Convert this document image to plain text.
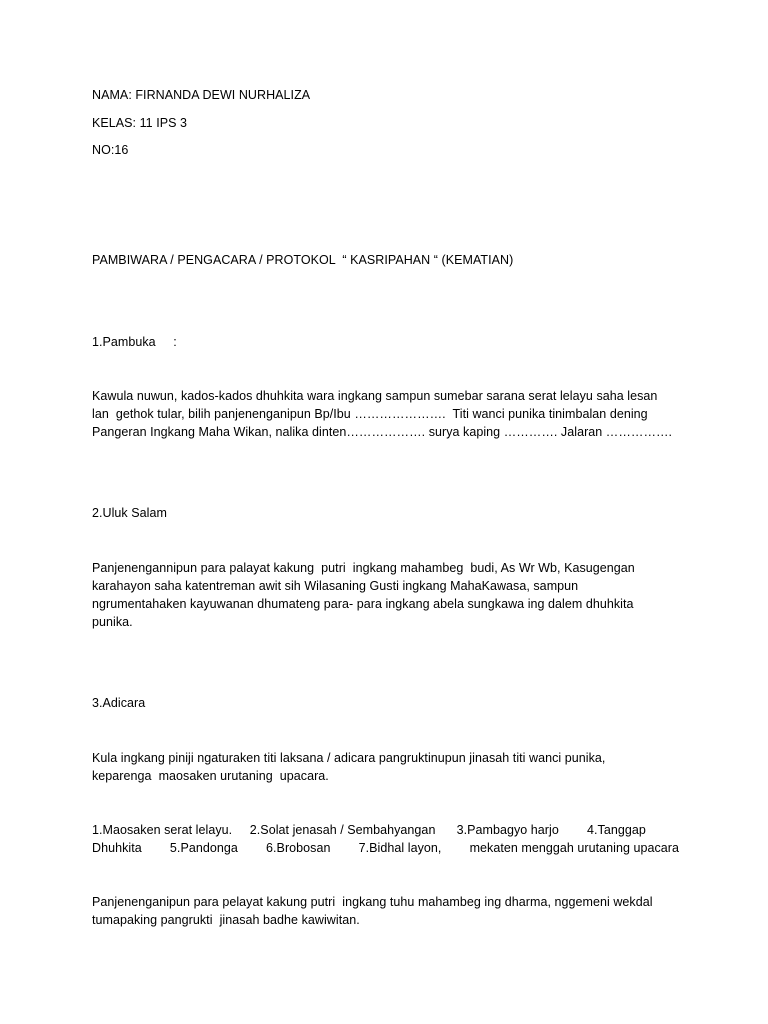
NAMA: FIRNANDA DEWI NURHALIZA
KELAS: 11 IPS 3
NO:16
PAMBIWARA / PENGACARA / PROTOKOL  “ KASRIPAHAN “ (KEMATIAN)
1.Pambuka     :
Kawula nuwun, kados-kados dhuhkita wara ingkang sampun sumebar sarana serat lelayu saha lesan
lan  gethok tular, bilih panjenenganipun Bp/Ibu ………………….  Titi wanci punika tinimbalan dening
Pangeran Ingkang Maha Wikan, nalika dinten………………. surya kaping …………. Jalaran …………….
2.Uluk Salam
Panjenengannipun para palayat kakung  putri  ingkang mahambeg  budi, As Wr Wb, Kasugengan
karahayon saha katentreman awit sih Wilasaning Gusti ingkang MahaKawasa, sampun
ngrumentahaken kayuwanan dhumateng para- para ingkang abela sungkawa ing dalem dhuhkita
punika.
3.Adicara
Kula ingkang piniji ngaturaken titi laksana / adicara pangruktinupun jinasah titi wanci punika,
keparenga  maosaken urutaning  upacara.
1.Maosaken serat lelayu.     2.Solat jenasah / Sembahyangan      3.Pambagyo harjo        4.Tanggap
Dhuhkita        5.Pandonga        6.Brobosan        7.Bidhal layon,        mekaten menggah urutaning upacara
Panjenenganipun para pelayat kakung putri  ingkang tuhu mahambeg ing dharma, nggemeni wekdal
tumapaking pangrukti  jinasah badhe kawiwitan.
